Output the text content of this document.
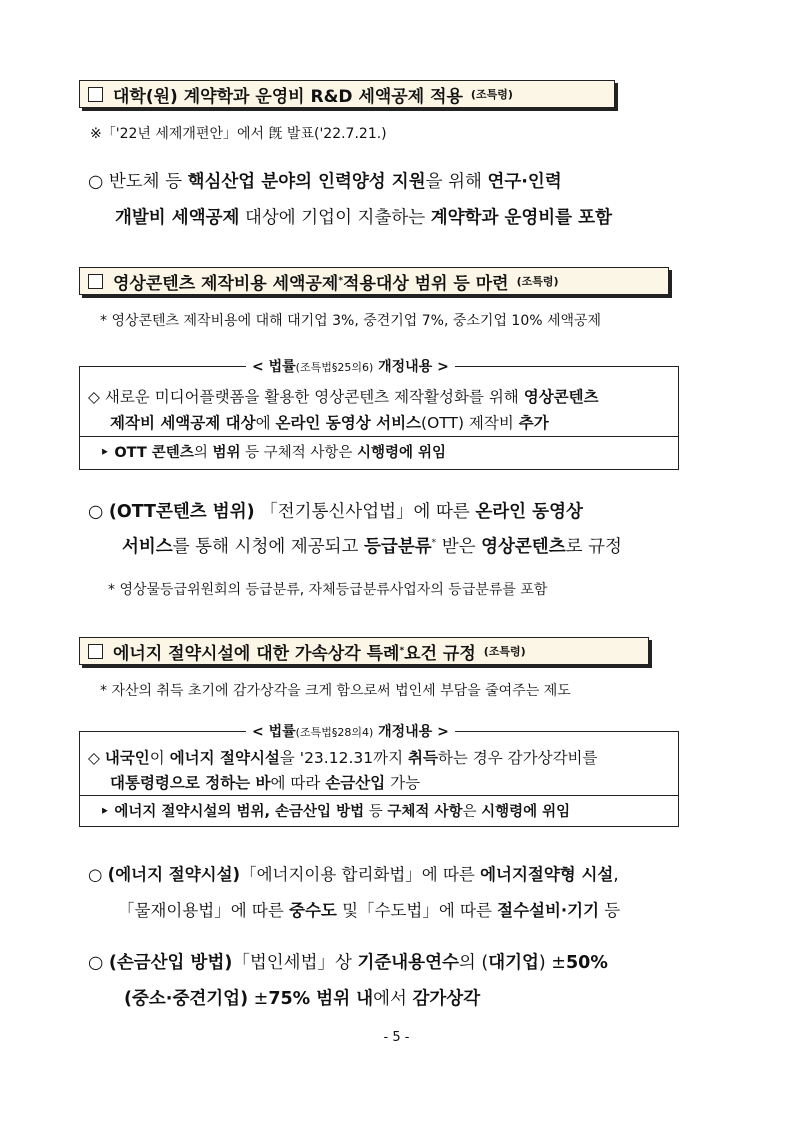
대학(원) 계약학과 운영비 R&D 세액공제 적용 (조특령)
※「'22년 세제개편안」에서 旣 발표('22.7.21.)
○ 반도체 등 핵심산업 분야의 인력양성 지원을 위해 연구·인력
개발비 세액공제 대상에 기업이 지출하는 계약학과 운영비를 포함
영상콘텐츠 제작비용 세액공제 * 적용대상 범위 등 마련 (조특령)
* 영상콘텐츠 제작비용에 대해 대기업 3%, 중견기업 7%, 중소기업 10% 세액공제
< 법률(조특법§25의6) 개정내용 >
◇ 새로운 미디어플랫폼을 활용한 영상콘텐츠 제작활성화를 위해 영상콘텐츠
제작비 세액공제 대상에 온라인 동영상 서비스(OTT) 제작비 추가
‣ OTT 콘텐츠의 범위 등 구체적 사항은 시행령에 위임
○ (OTT콘텐츠 범위) 「전기통신사업법」에 따른 온라인 동영상
서비스를 통해 시청에 제공되고 등급분류* 받은 영상콘텐츠로 규정
* 영상물등급위원회의 등급분류, 자체등급분류사업자의 등급분류를 포함
에너지 절약시설에 대한 가속상각 특례 * 요건 규정 (조특령)
* 자산의 취득 초기에 감가상각을 크게 함으로써 법인세 부담을 줄여주는 제도
< 법률(조특법§28의4) 개정내용 >
◇ 내국인이 에너지 절약시설을 '23.12.31까지 취득하는 경우 감가상각비를
대통령령으로 정하는 바에 따라 손금산입 가능
‣ 에너지 절약시설의 범위, 손금산입 방법 등 구체적 사항은 시행령에 위임
○ (에너지 절약시설)「에너지이용 합리화법」에 따른 에너지절약형 시설,
「물재이용법」에 따른 중수도 및「수도법」에 따른 절수설비·기기 등
○ (손금산입 방법)「법인세법」상 기준내용연수의 (대기업) ±50%
(중소·중견기업) ±75% 범위 내에서 감가상각
- 5 -
